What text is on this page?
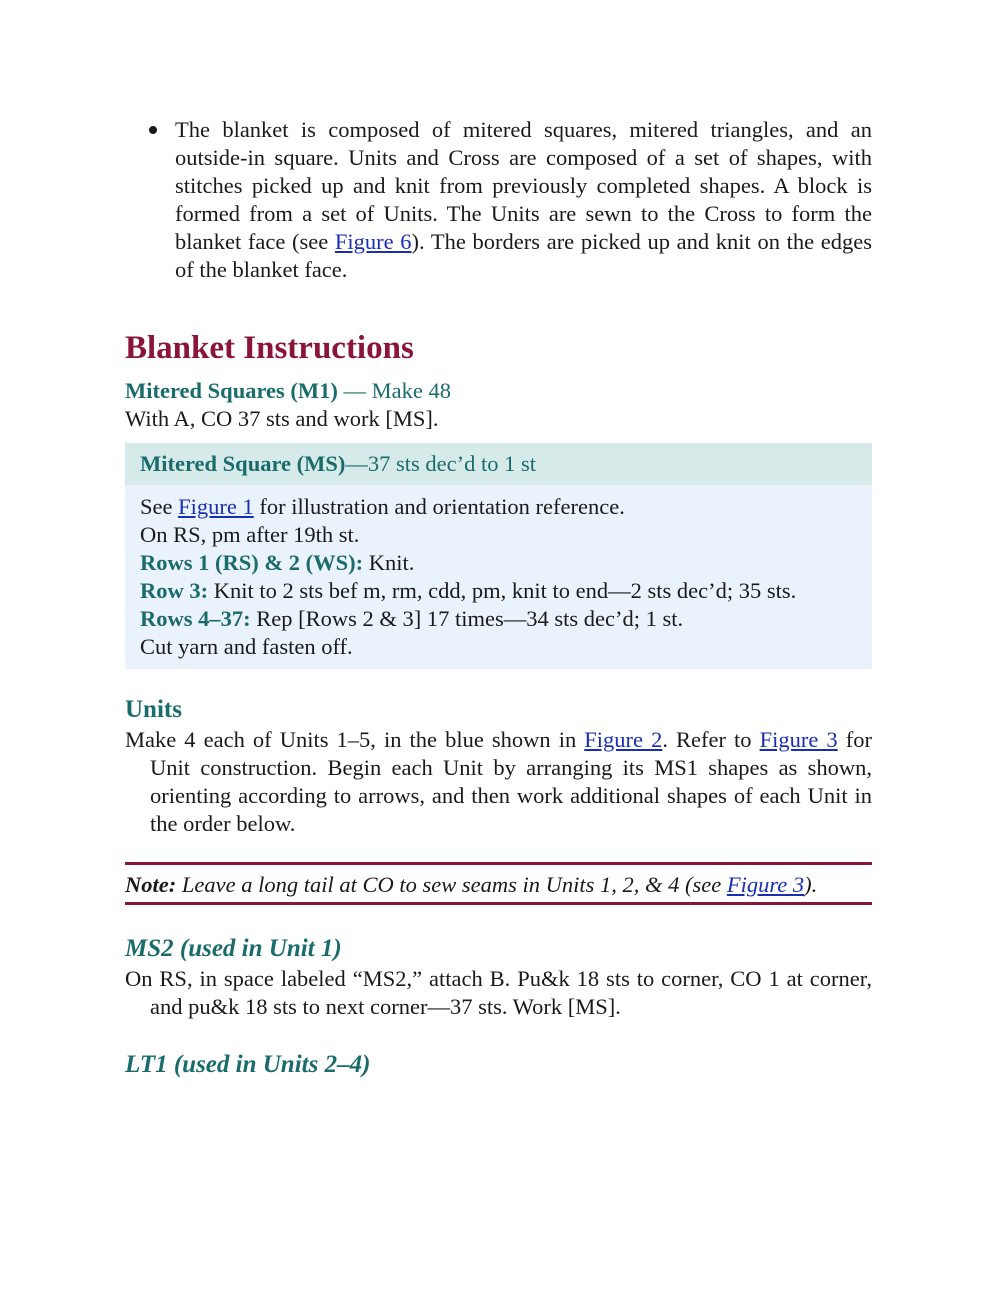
The blanket is composed of mitered squares, mitered triangles, and an outside-in square. Units and Cross are composed of a set of shapes, with stitches picked up and knit from previously completed shapes. A block is formed from a set of Units. The Units are sewn to the Cross to form the blanket face (see Figure 6). The borders are picked up and knit on the edges of the blanket face.

Blanket Instructions

Mitered Squares (M1) — Make 48

With A, CO 37 sts and work [MS].

Mitered Square (MS)—37 sts dec’d to 1 st

See Figure 1 for illustration and orientation reference.

On RS, pm after 19th st.

Rows 1 (RS) & 2 (WS): Knit.

Row 3: Knit to 2 sts bef m, rm, cdd, pm, knit to end—2 sts dec’d; 35 sts.

Rows 4–37: Rep [Rows 2 & 3] 17 times—34 sts dec’d; 1 st.

Cut yarn and fasten off.

Units

Make 4 each of Units 1–5, in the blue shown in Figure 2. Refer to Figure 3 for Unit construction. Begin each Unit by arranging its MS1 shapes as shown, orienting according to arrows, and then work additional shapes of each Unit in the order below.

Note: Leave a long tail at CO to sew seams in Units 1, 2, & 4 (see Figure 3).
MS2 (used in Unit 1)

On RS, in space labeled “MS2,” attach B. Pu&k 18 sts to corner, CO 1 at corner, and pu&k 18 sts to next corner—37 sts. Work [MS].

LT1 (used in Units 2–4)
